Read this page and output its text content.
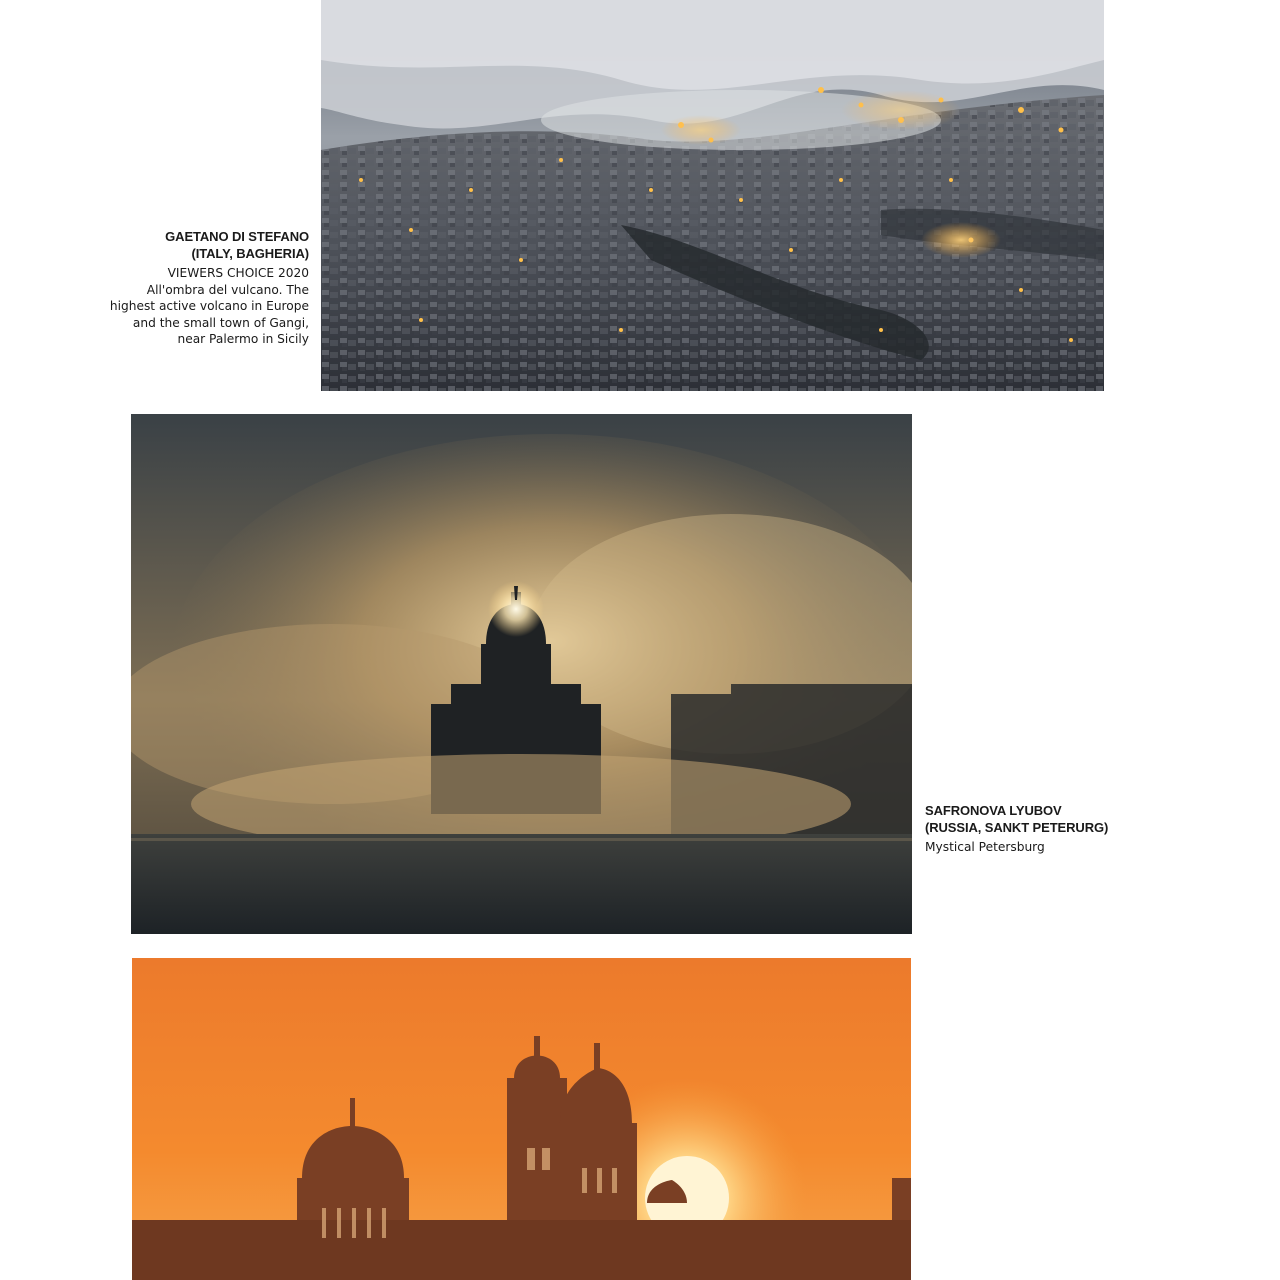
GAETANO DI STEFANO
(ITALY, BAGHERIA)
VIEWERS CHOICE 2020
All'ombra del vulcano. The
highest active volcano in Europe
and the small town of Gangi,
near Palermo in Sicily
SAFRONOVA LYUBOV
(RUSSIA, SANKT PETERURG)
Mystical Petersburg
